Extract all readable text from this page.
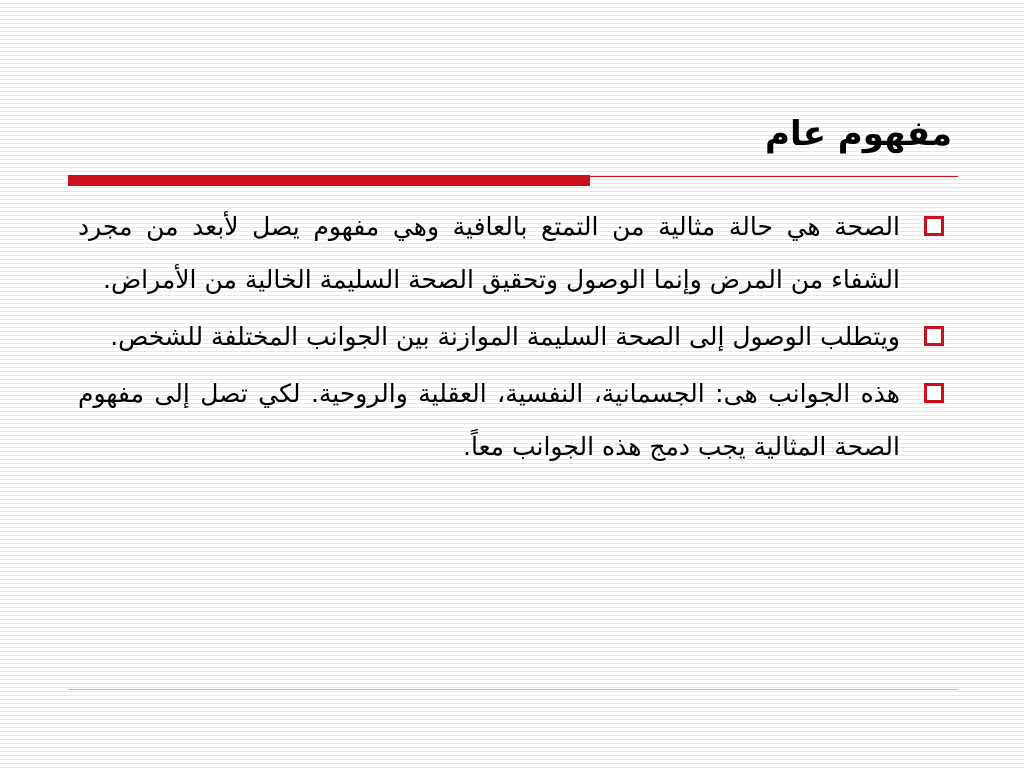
مفهوم عام
الصحة هي حالة مثالية من التمتع بالعافية وهي مفهوم يصل لأبعد من مجرد الشفاء من المرض وإنما الوصول وتحقيق الصحة السليمة الخالية من الأمراض.
ويتطلب الوصول إلى الصحة السليمة الموازنة بين الجوانب المختلفة للشخص.
هذه الجوانب هى: الجسمانية، النفسية، العقلية والروحية. لكي تصل إلى مفهوم الصحة المثالية يجب دمج هذه الجوانب معاً.
